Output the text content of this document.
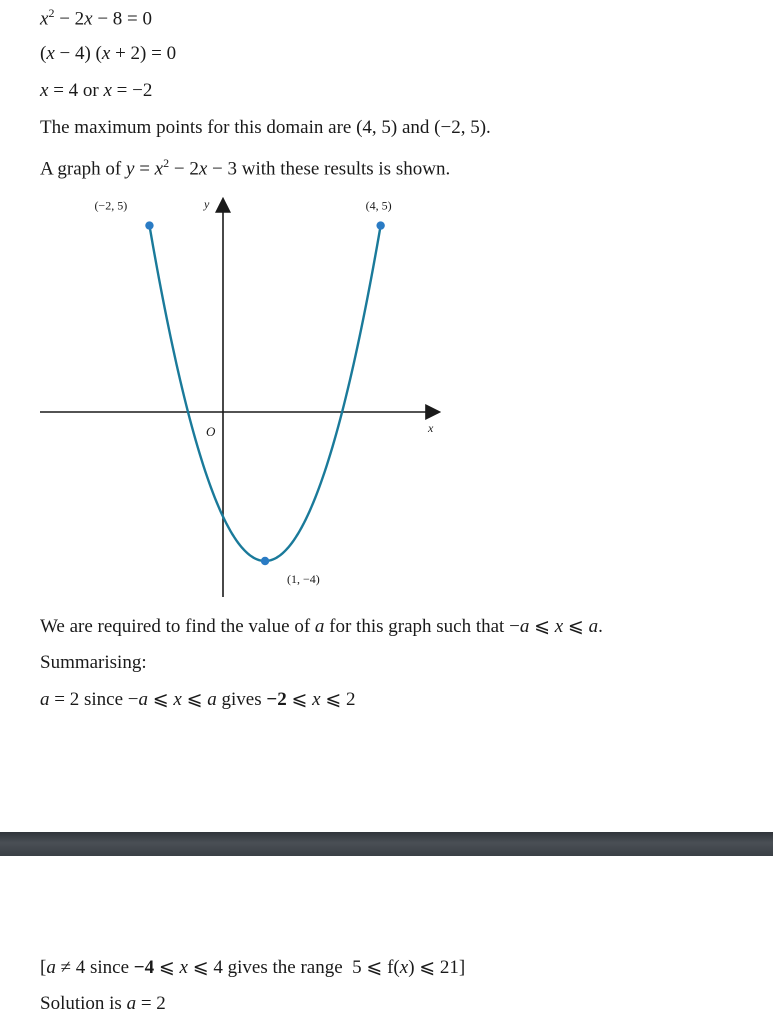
$x^2 - 2x - 8 = 0$
(x − 4) (x + 2) = 0
x = 4 or x = −2
The maximum points for this domain are (4, 5) and (−2, 5).
A graph of $y = x^2 - 2x - 3$ with these results is shown.
x
y
O
(−2, 5)	(4, 5)
(1, −4)
We are required to find the value of a for this graph such that −a ⩽ x ⩽ a.
Summarising:
a = 2 since −a ⩽ x ⩽ a gives −2 ⩽ x ⩽ 2
[a ≠ 4 since −4 ⩽ x ⩽ 4 gives the range  5 ⩽ f(x) ⩽ 21]
Solution is a = 2
